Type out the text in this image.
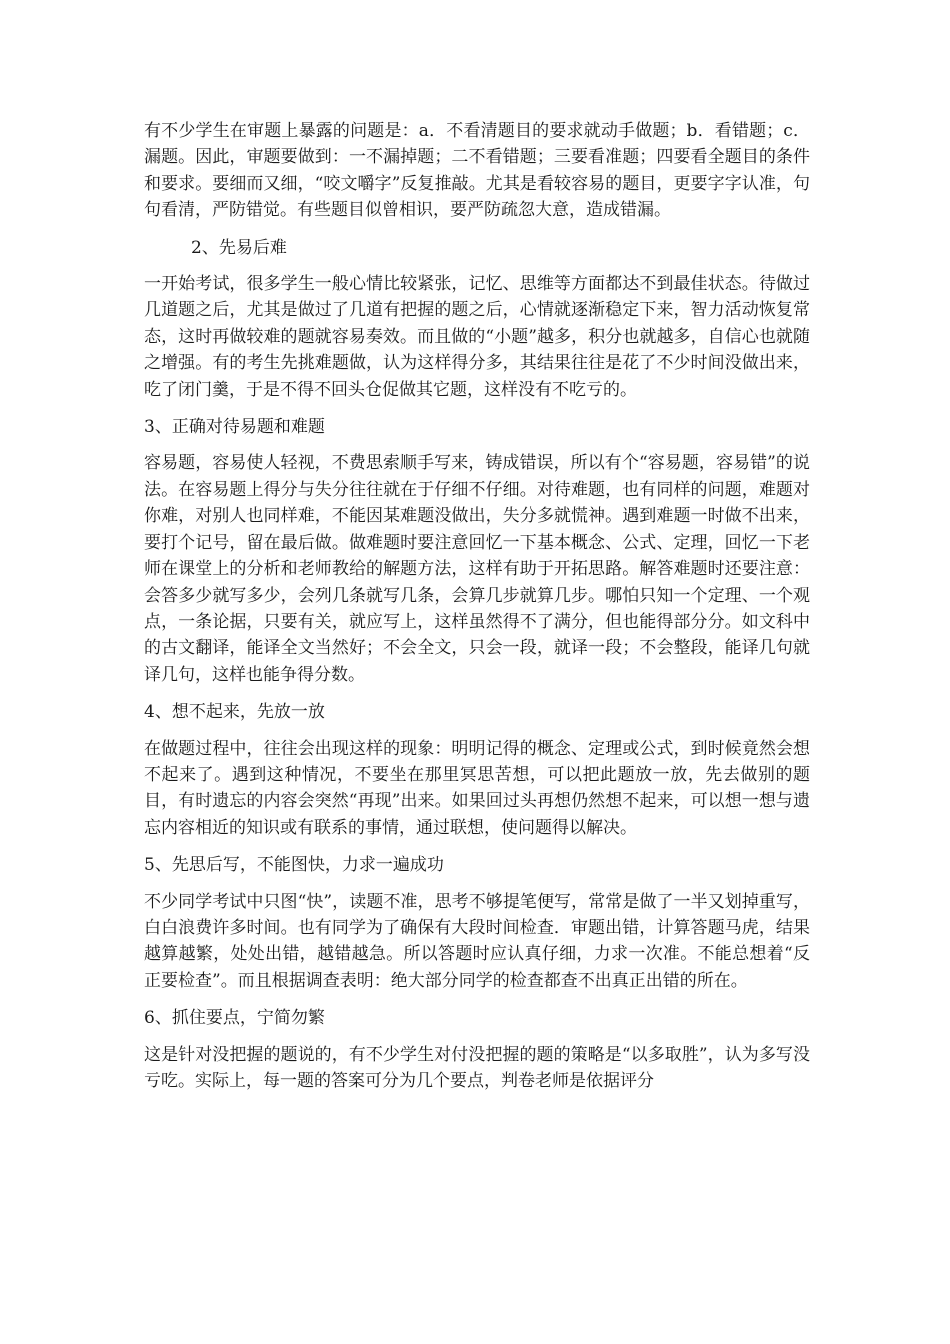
有不少学生在审题上暴露的问题是：a．不看清题目的要求就动手做题；b．看错题；c．漏题。因此，审题要做到：一不漏掉题；二不看错题；三要看准题；四要看全题目的条件和要求。要细而又细，“咬文嚼字”反复推敲。尤其是看较容易的题目，更要字字认准，句句看清，严防错觉。有些题目似曾相识，要严防疏忽大意，造成错漏。

2、先易后难

一开始考试，很多学生一般心情比较紧张，记忆、思维等方面都达不到最佳状态。待做过几道题之后，尤其是做过了几道有把握的题之后，心情就逐渐稳定下来，智力活动恢复常态，这时再做较难的题就容易奏效。而且做的“小题”越多，积分也就越多，自信心也就随之增强。有的考生先挑难题做，认为这样得分多，其结果往往是花了不少时间没做出来，吃了闭门羹，于是不得不回头仓促做其它题，这样没有不吃亏的。

3、正确对待易题和难题

容易题，容易使人轻视，不费思索顺手写来，铸成错误，所以有个“容易题，容易错”的说法。在容易题上得分与失分往往就在于仔细不仔细。对待难题，也有同样的问题，难题对你难，对别人也同样难，不能因某难题没做出，失分多就慌神。遇到难题一时做不出来，要打个记号，留在最后做。做难题时要注意回忆一下基本概念、公式、定理，回忆一下老师在课堂上的分析和老师教给的解题方法，这样有助于开拓思路。解答难题时还要注意：会答多少就写多少，会列几条就写几条，会算几步就算几步。哪怕只知一个定理、一个观点，一条论据，只要有关，就应写上，这样虽然得不了满分，但也能得部分分。如文科中的古文翻译，能译全文当然好；不会全文，只会一段，就译一段；不会整段，能译几句就译几句，这样也能争得分数。

4、想不起来，先放一放

在做题过程中，往往会出现这样的现象：明明记得的概念、定理或公式，到时候竟然会想不起来了。遇到这种情况，不要坐在那里冥思苦想，可以把此题放一放，先去做别的题目，有时遗忘的内容会突然“再现”出来。如果回过头再想仍然想不起来，可以想一想与遗忘内容相近的知识或有联系的事情，通过联想，使问题得以解决。

5、先思后写，不能图快，力求一遍成功

不少同学考试中只图“快”，读题不准，思考不够提笔便写，常常是做了一半又划掉重写，白白浪费许多时间。也有同学为了确保有大段时间检查．审题出错，计算答题马虎，结果越算越繁，处处出错，越错越急。所以答题时应认真仔细，力求一次准。不能总想着“反正要检查”。而且根据调查表明：绝大部分同学的检查都查不出真正出错的所在。

6、抓住要点，宁简勿繁

这是针对没把握的题说的，有不少学生对付没把握的题的策略是“以多取胜”，认为多写没亏吃。实际上，每一题的答案可分为几个要点，判卷老师是依据评分
